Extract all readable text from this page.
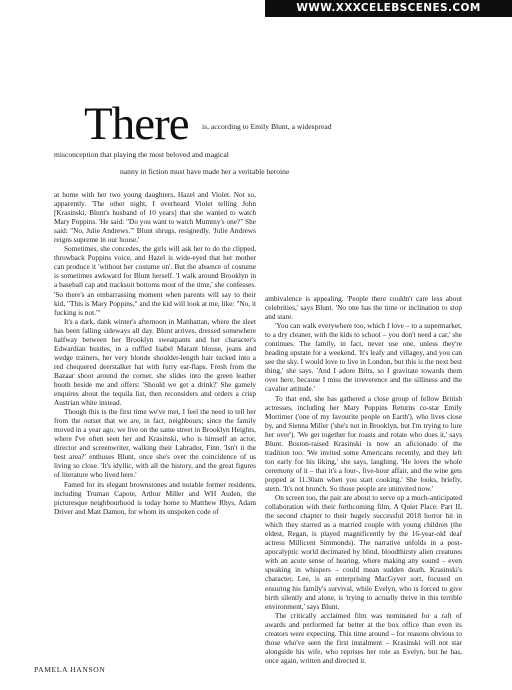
WWW.XXXCELEBSCENES.COM
There is, according to Emily Blunt, a widespread
misconception that playing the most beloved and magical
nanny in fiction must have made her a veritable heroine

at home with her two young daughters, Hazel and Violet. Not so, apparently. 'The other night, I overheard Violet telling John [Krasinski, Blunt's husband of 10 years] that she wanted to watch Mary Poppins. 'He said: "Do you want to watch Mummy's one?" She said: "No, Julie Andrews."' Blunt shrugs, resignedly. 'Julie Andrews reigns supreme in our house.'

Sometimes, she concedes, the girls will ask her to do the clipped, throwback Poppins voice, and Hazel is wide-eyed that her mother can produce it 'without her costume on'. But the absence of costume is sometimes awkward for Blunt herself. 'I walk around Brooklyn in a baseball cap and tracksuit bottoms most of the time,' she confesses. 'So there's an embarrassing moment when parents will say to their kid, "This is Mary Poppins," and the kid will look at me, like: "No, it fucking is not."'

It's a dark, dank winter's afternoon in Manhattan, where the sleet has been falling sideways all day. Blunt arrives, dressed somewhere halfway between her Brooklyn sweatpants and her character's Edwardian bustles, in a ruffled Isabel Marant blouse, jeans and wedge trainers, her very blonde shoulder-length hair tucked into a red chequered deerstalker hat with furry ear-flaps. Fresh from the Bazaar shoot around the corner, she slides into the green leather booth beside me and offers: 'Should we get a drink?' She gamely enquires about the tequila list, then reconsiders and orders a crisp Austrian white instead.

Though this is the first time we've met, I feel the need to tell her from the outset that we are, in fact, neighbours; since the family moved in a year ago, we live on the same street in Brooklyn Heights, where I've often seen her and Krasinski, who is himself an actor, director and screenwriter, walking their Labrador, Finn. 'Isn't it the best area?' enthuses Blunt, once she's over the coincidence of us living so close. 'It's idyllic, with all the history, and the great figures of literature who lived here.'

Famed for its elegant brownstones and notable former residents, including Truman Capote, Arthur Miller and WH Auden, the picturesque neighbourhood is today home to Matthew Rhys, Adam Driver and Matt Damon, for whom its unspoken code of

ambivalence is appealing. 'People there couldn't care less about celebrities,' says Blunt. 'No one has the time or inclination to stop and stare.

'You can walk everywhere too, which I love – to a supermarket, to a dry cleaner, with the kids to school – you don't need a car,' she continues. The family, in fact, never use one, unless they're heading upstate for a weekend. 'It's leafy and villagey, and you can see the sky. I would love to live in London, but this is the next best thing,' she says. 'And I adore Brits, so I gravitate towards them over here, because I miss the irreverence and the silliness and the cavalier attitude.'

To that end, she has gathered a close group of fellow British actresses, including her Mary Poppins Returns co-star Emily Mortimer ('one of my favourite people on Earth'), who lives close by, and Sienna Miller ('she's not in Brooklyn, but I'm trying to lure her over'). 'We get together for roasts and rotate who does it,' says Blunt. Boston-raised Krasinski is now an aficionado of the tradition too. 'We invited some Americans recently, and they left too early for his liking,' she says, laughing. 'He loves the whole ceremony of it – that it's a four-, five-hour affair, and the wine gets popped at 11.30am when you start cooking.' She looks, briefly, stern. 'It's not brunch. So those people are uninvited now.'

On screen too, the pair are about to serve up a much-anticipated collaboration with their forthcoming film, A Quiet Place: Part II, the second chapter to their hugely successful 2018 horror hit in which they starred as a married couple with young children (the eldest, Regan, is played magnificently by the 16-year-old deaf actress Millicent Simmonds). The narrative unfolds in a post-apocalyptic world decimated by blind, bloodthirsty alien creatures with an acute sense of hearing, where making any sound – even speaking in whispers – could mean sudden death. Krasinski's character, Lee, is an enterprising MacGyver sort, focused on ensuring his family's survival, while Evelyn, who is forced to give birth silently and alone, is 'trying to actually thrive in this terrible environment,' says Blunt.

The critically acclaimed film was nominated for a raft of awards and performed far better at the box office than even its creators were expecting. This time around – for reasons obvious to those who've seen the first instalment – Krasinski will not star alongside his wife, who reprises her role as Evelyn, but he has, once again, written and directed it.

PAMELA HANSON
